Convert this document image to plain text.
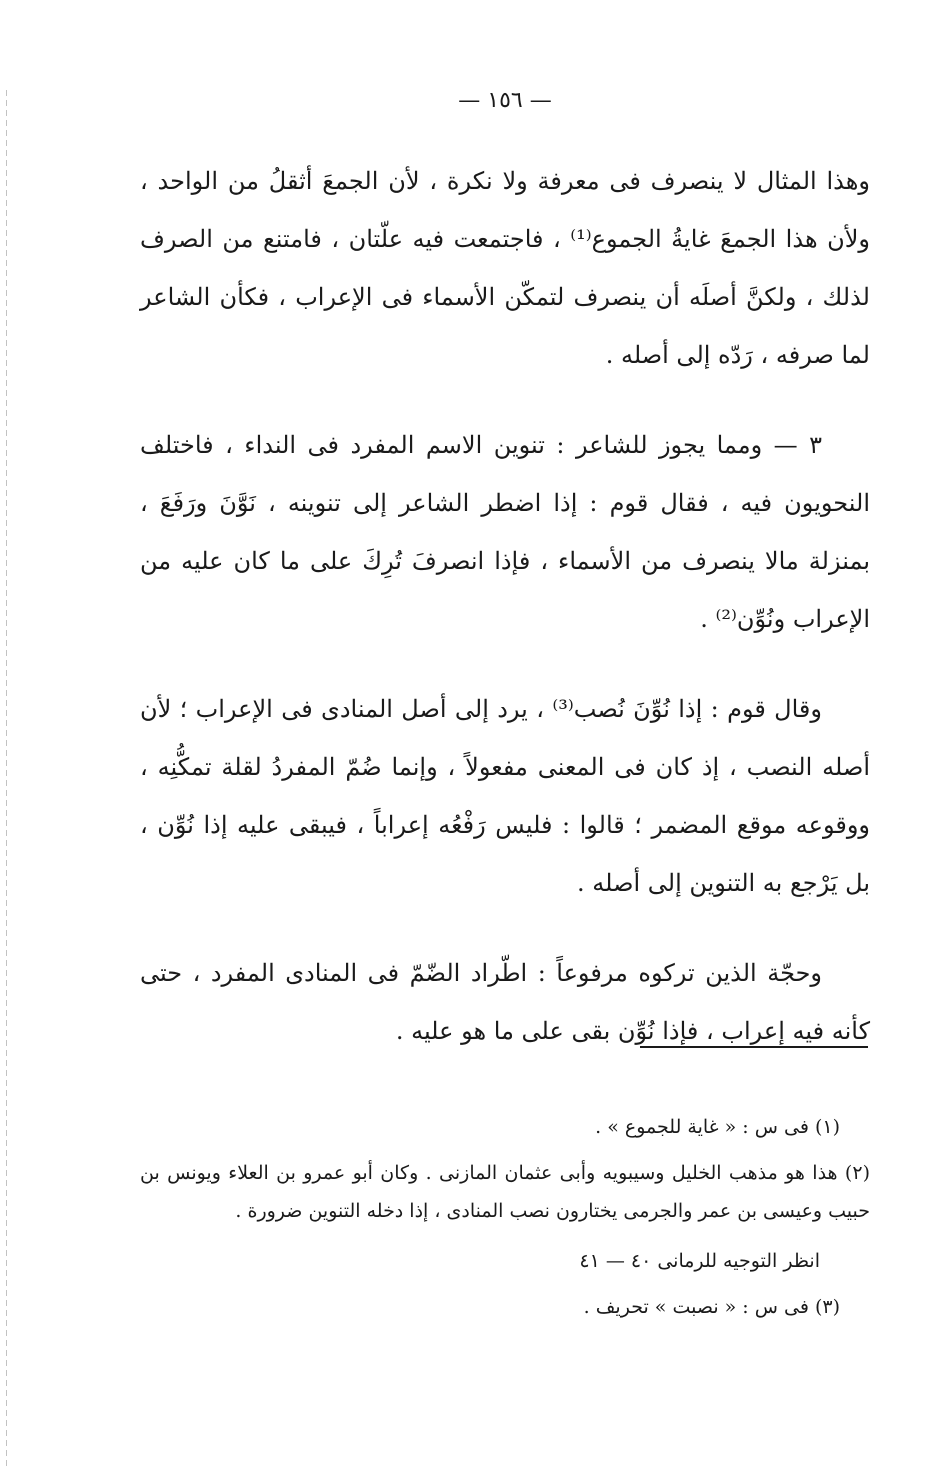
— ١٥٦ —

وهذا المثال لا ينصرف فى معرفة ولا نكرة ، لأن الجمعَ أثقلُ من الواحد ، ولأن هذا الجمعَ غايةُ الجموع⁽¹⁾ ، فاجتمعت فيه علّتان ، فامتنع من الصرف لذلك ، ولكنَّ أصلَه أن ينصرف لتمكّن الأسماء فى الإعراب ، فكأن الشاعر لما صرفه ، رَدّه إلى أصله .

٣ — ومما يجوز للشاعر : تنوين الاسم المفرد فى النداء ، فاختلف النحويون فيه ، فقال قوم : إذا اضطر الشاعر إلى تنوينه ، نَوَّنَ ورَفَعَ ، بمنزلة مالا ينصرف من الأسماء ، فإذا انصرفَ تُرِكَ على ما كان عليه من الإعراب ونُوِّن⁽²⁾ .

وقال قوم : إذا نُوِّنَ نُصب⁽³⁾ ، يرد إلى أصل المنادى فى الإعراب ؛ لأن أصله النصب ، إذ كان فى المعنى مفعولاً ، وإنما ضُمّ المفردُ لقلة تمكُّنِه ، ووقوعه موقع المضمر ؛ قالوا : فليس رَفْعُه إعراباً ، فيبقى عليه إذا نُوِّن ، بل يَرْجع به التنوين إلى أصله .

وحجّة الذين تركوه مرفوعاً : اطّراد الضّمّ فى المنادى المفرد ، حتى كأنه فيه إعراب ، فإذا نُوِّن بقى على ما هو عليه .

(١) فى س : « غاية للجموع » .

(٢) هذا هو مذهب الخليل وسيبويه وأبى عثمان المازنى . وكان أبو عمرو بن العلاء ويونس بن حبيب وعيسى بن عمر والجرمى يختارون نصب المنادى ، إذا دخله التنوين ضرورة .

انظر التوجيه للرمانى ٤٠ — ٤١

(٣) فى س : « نصبت » تحريف .
